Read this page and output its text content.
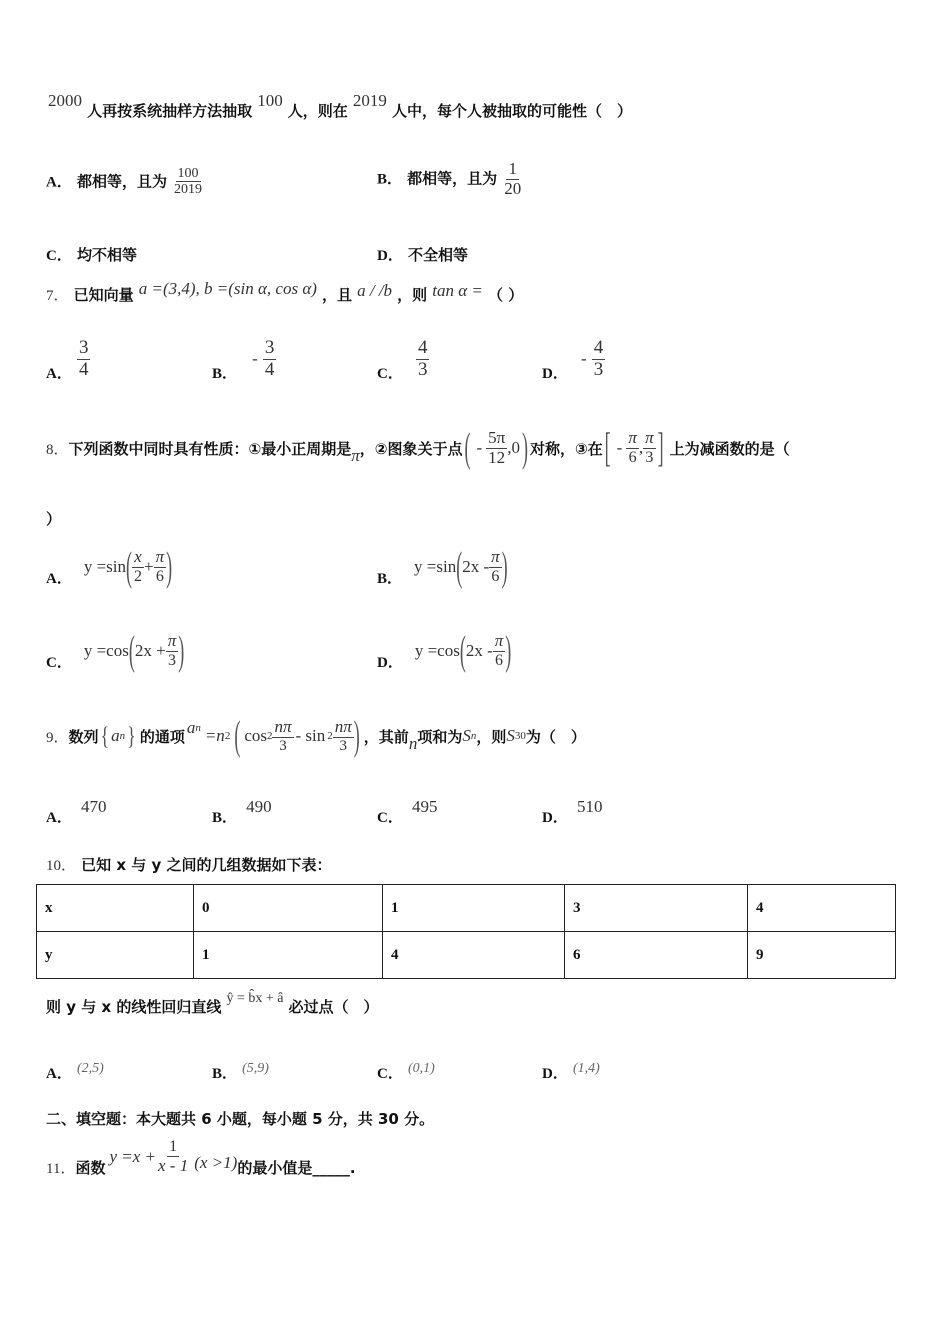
2000 人再按系统抽样方法抽取 100 人，则在 2019 人中，每个人被抽取的可能性（　）
A． 都相等，且为 $\frac{100}{2019}$	B． 都相等，且为 $\frac{1}{20}$
C． 均不相等	D． 不全相等
7． 已知向量 a =(3,4), b =(sin α, cos α) ，且 a / /b ，则 tan α = （ ）
A． $\frac{3}{4}$	B． - $\frac{3}{4}$	C． $\frac{4}{3}$	D． - $\frac{4}{3}$
8． 下列函数中同时具有性质：①最小正周期是 π ，②图象关于点 ( - $\frac{5\pi}{12} ,0$ ) 对称，③在 [ - $\frac{\pi}{6}$ , $\frac{\pi}{3}$ ] 上为减函数的是（
）
A．
y =sin ( $\frac{x}{2} + \frac{\pi}{6}$ )	B．
y =sin ( $2x - \frac{\pi}{6}$ )
C．
y =cos ( $2x + \frac{\pi}{3}$ )	D．
y =cos ( $2x - \frac{\pi}{6}$ )
9． 数列 { a n } 的通项 $a_n =n$ 2 ( $\cos 2 \frac{n\pi}{3}$ - $\sin 2 \frac{n\pi}{3}$ ) ，其前 n 项和为 S n ，则 S 30 为（　）
A． 470
B． 490
C． 495
D． 510
10． 已知 x 与 y 之间的几组数据如下表：
x	0	1	3	4
y	1	4	6	9
则 y 与 x 的线性回归直线 ŷ = b̂x + â 必过点（　）
A． (2,5)	B． (5,9)	C． (0,1)	D． (1,4)
二、填空题：本大题共 6 小题，每小题 5 分，共 30 分。
11． 函数
$y =x + \frac{1}{x - 1} (x >1)$ 的最小值是_____.
